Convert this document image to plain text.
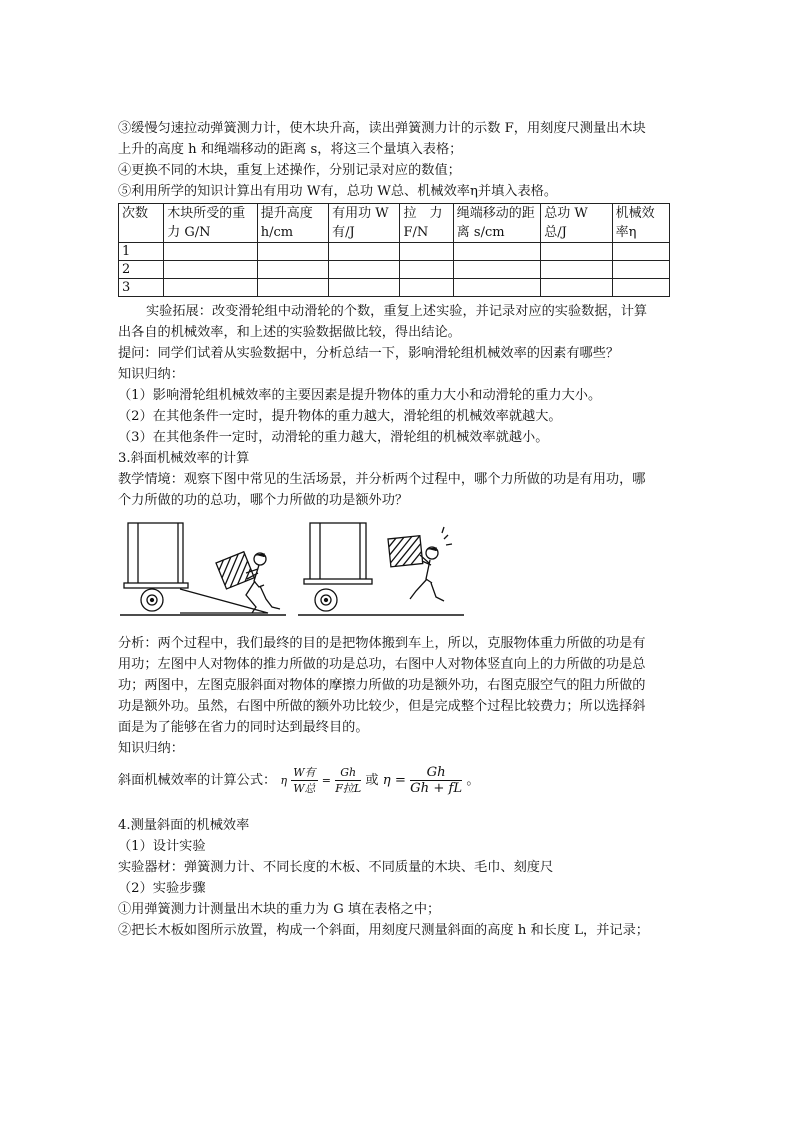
③缓慢匀速拉动弹簧测力计，使木块升高，读出弹簧测力计的示数 F，用刻度尺测量出木块
上升的高度 h 和绳端移动的距离 s，将这三个量填入表格；
④更换不同的木块，重复上述操作，分别记录对应的数值；
⑤利用所学的知识计算出有用功 W有，总功 W总、机械效率η并填入表格。
次数	木块所受的重力 G/N	提升高度 h/cm	有用功 W有/J	拉　力 F/N	绳端移动的距离 s/cm	总功 W总/J	机械效率η
1							
2							
3							
实验拓展：改变滑轮组中动滑轮的个数，重复上述实验，并记录对应的实验数据，计算
出各自的机械效率，和上述的实验数据做比较，得出结论。
提问：同学们试着从实验数据中，分析总结一下，影响滑轮组机械效率的因素有哪些？
知识归纳：
（1）影响滑轮组机械效率的主要因素是提升物体的重力大小和动滑轮的重力大小。
（2）在其他条件一定时，提升物体的重力越大，滑轮组的机械效率就越大。
（3）在其他条件一定时，动滑轮的重力越大，滑轮组的机械效率就越小。
3.斜面机械效率的计算
教学情境：观察下图中常见的生活场景，并分析两个过程中，哪个力所做的功是有用功，哪
个力所做的功的总功，哪个力所做的功是额外功？
分析：两个过程中，我们最终的目的是把物体搬到车上，所以，克服物体重力所做的功是有
用功；左图中人对物体的推力所做的功是总功，右图中人对物体竖直向上的力所做的功是总
功；两图中，左图克服斜面对物体的摩擦力所做的功是额外功，右图克服空气的阻力所做的
功是额外功。虽然，右图中所做的额外功比较少，但是完成整个过程比较费力；所以选择斜
面是为了能够在省力的同时达到最终目的。
知识归纳：
斜面机械效率的计算公式： η $\frac{\text{W有}}{\text{W总}} = \frac{Gh}{\text{F拉L}}$ 或 $\eta = \frac{Gh}{Gh + fL}$ 。
4.测量斜面的机械效率
（1）设计实验
实验器材：弹簧测力计、不同长度的木板、不同质量的木块、毛巾、刻度尺
（2）实验步骤
①用弹簧测力计测量出木块的重力为 G 填在表格之中；
②把长木板如图所示放置，构成一个斜面，用刻度尺测量斜面的高度 h 和长度 L，并记录；
